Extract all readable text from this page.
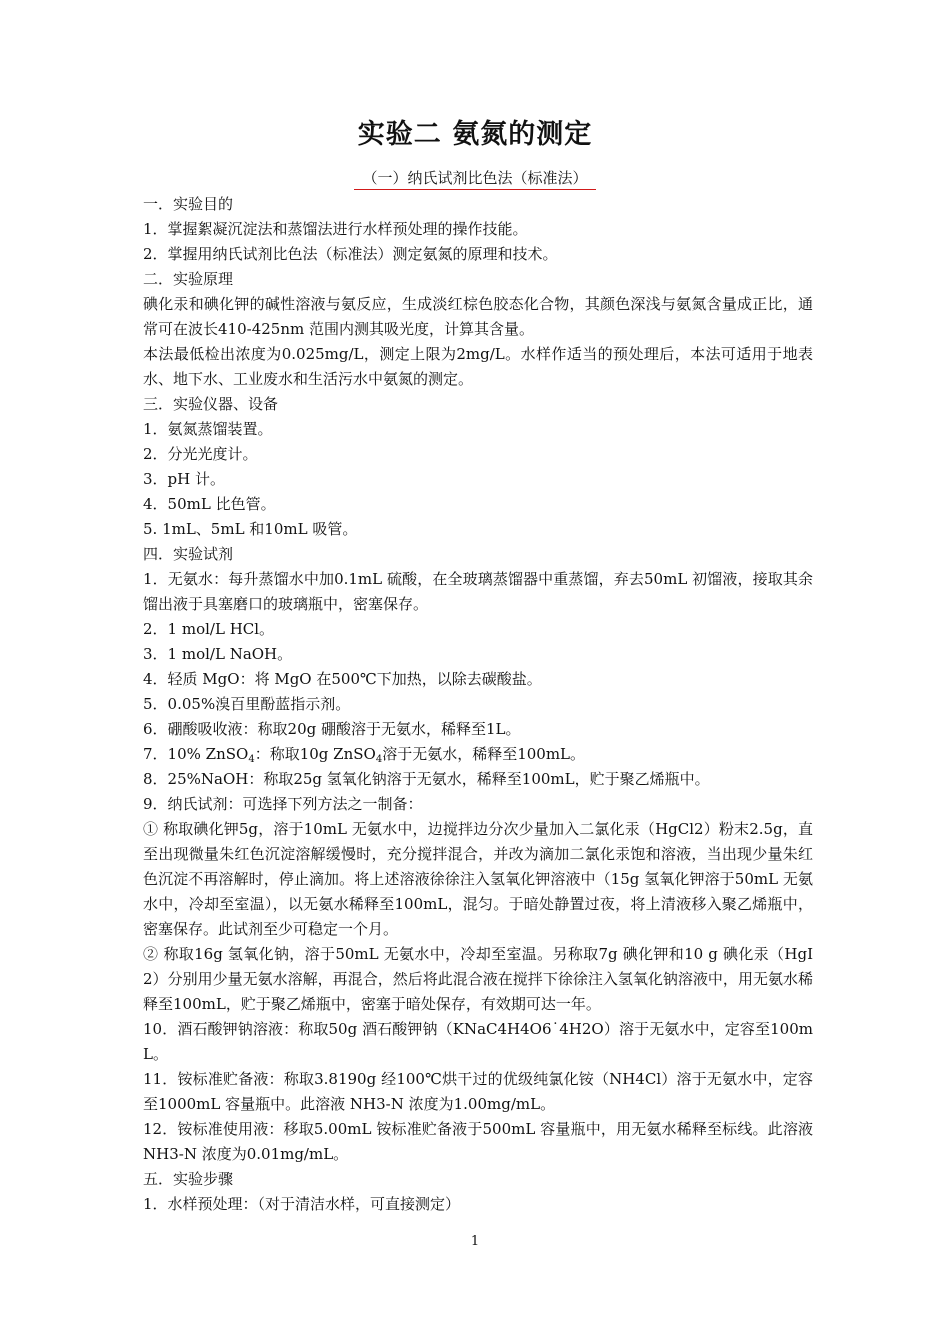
实验二 氨氮的测定
（一）纳氏试剂比色法（标准法）

一．实验目的

1．掌握絮凝沉淀法和蒸馏法进行水样预处理的操作技能。

2．掌握用纳氏试剂比色法（标准法）测定氨氮的原理和技术。

二．实验原理

碘化汞和碘化钾的碱性溶液与氨反应，生成淡红棕色胶态化合物，其颜色深浅与氨氮含量成正比，通常可在波长410-425nm 范围内测其吸光度，计算其含量。

本法最低检出浓度为0.025mg/L，测定上限为2mg/L。水样作适当的预处理后，本法可适用于地表水、地下水、工业废水和生活污水中氨氮的测定。

三．实验仪器、设备

1．氨氮蒸馏装置。

2．分光光度计。

3．pH 计。

4．50mL 比色管。

5. 1mL、5mL 和10mL 吸管。

四．实验试剂

1．无氨水：每升蒸馏水中加0.1mL 硫酸，在全玻璃蒸馏器中重蒸馏，弃去50mL 初馏液，接取其余馏出液于具塞磨口的玻璃瓶中，密塞保存。

2．1 mol/L HCl。

3．1 mol/L NaOH。

4．轻质 MgO：将 MgO 在500℃下加热，以除去碳酸盐。

5．0.05%溴百里酚蓝指示剂。

6．硼酸吸收液：称取20g 硼酸溶于无氨水，稀释至1L。

7．10% ZnSO$_4$：称取10g ZnSO$_4$溶于无氨水，稀释至100mL。

8．25%NaOH：称取25g 氢氧化钠溶于无氨水，稀释至100mL，贮于聚乙烯瓶中。

9．纳氏试剂：可选择下列方法之一制备：

① 称取碘化钾5g，溶于10mL 无氨水中，边搅拌边分次少量加入二氯化汞（HgCl2）粉末2.5g，直至出现微量朱红色沉淀溶解缓慢时，充分搅拌混合，并改为滴加二氯化汞饱和溶液，当出现少量朱红色沉淀不再溶解时，停止滴加。将上述溶液徐徐注入氢氧化钾溶液中（15g 氢氧化钾溶于50mL 无氨水中，冷却至室温），以无氨水稀释至100mL，混匀。于暗处静置过夜，将上清液移入聚乙烯瓶中，密塞保存。此试剂至少可稳定一个月。

② 称取16g 氢氧化钠，溶于50mL 无氨水中，冷却至室温。另称取7g 碘化钾和10 g 碘化汞（HgI2）分别用少量无氨水溶解，再混合，然后将此混合液在搅拌下徐徐注入氢氧化钠溶液中，用无氨水稀释至100mL，贮于聚乙烯瓶中，密塞于暗处保存，有效期可达一年。

10．酒石酸钾钠溶液：称取50g 酒石酸钾钠（KNaC4H4O6˙4H2O）溶于无氨水中，定容至100mL。

11．铵标准贮备液：称取3.8190g 经100℃烘干过的优级纯氯化铵（NH4Cl）溶于无氨水中，定容至1000mL 容量瓶中。此溶液 NH3-N 浓度为1.00mg/mL。

12．铵标准使用液：移取5.00mL 铵标准贮备液于500mL 容量瓶中，用无氨水稀释至标线。此溶液 NH3-N 浓度为0.01mg/mL。

五．实验步骤

1．水样预处理：（对于清洁水样，可直接测定）

1
